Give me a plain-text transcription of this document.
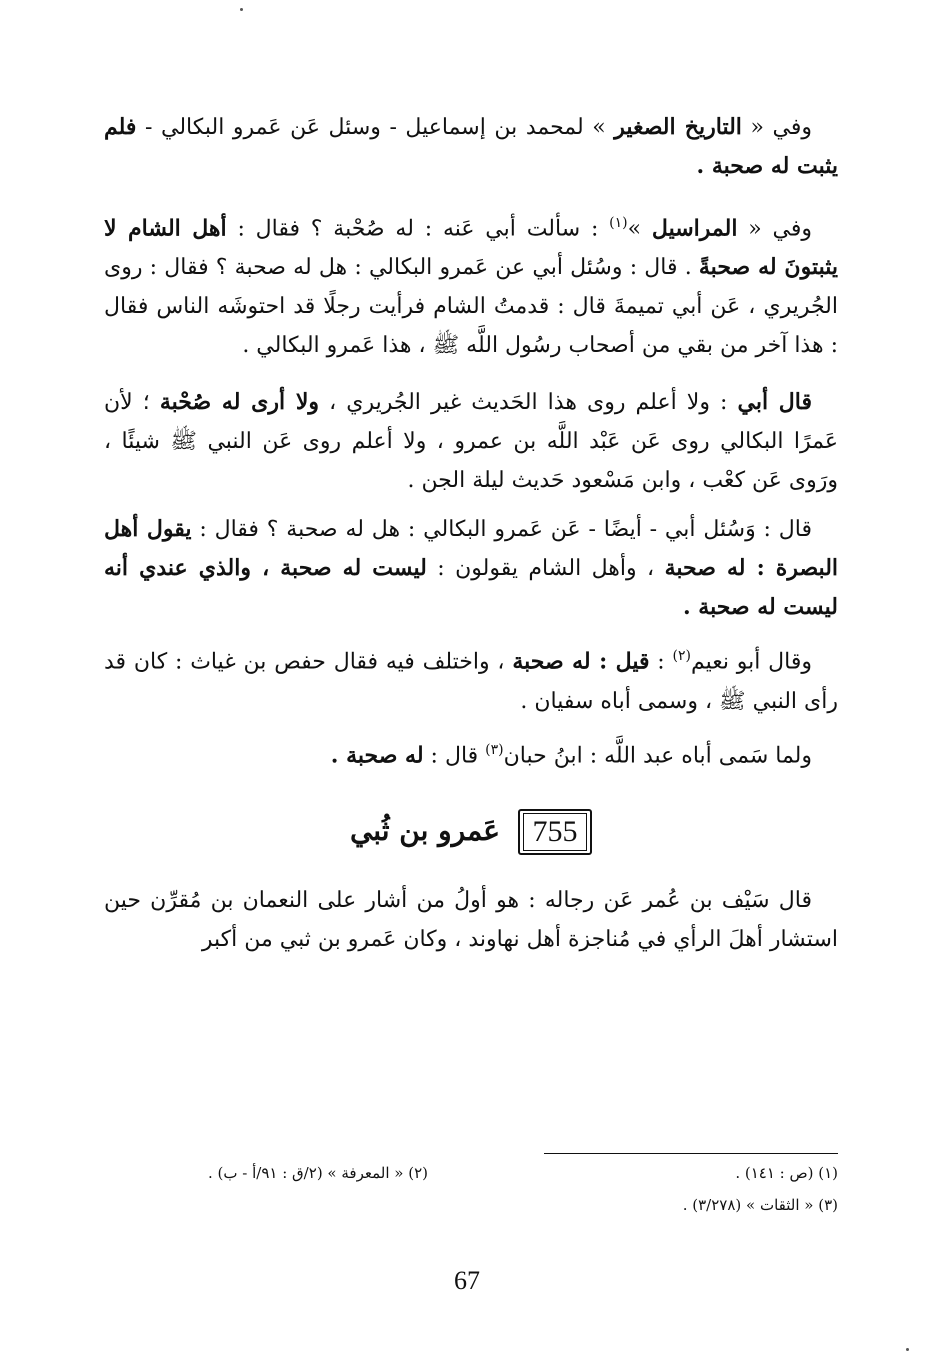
وفي « التاريخ الصغير » لمحمد بن إسماعيل - وسئل عَن عَمرو البكالي - فلم يثبت له صحبة .

وفي « المراسيل »$^{(١)}$ : سألت أبي عَنه : له صُحْبة ؟ فقال : أهل الشام لا يثبتونَ له صحبةً . قال : وسُئل أبي عن عَمرو البكالي : هل له صحبة ؟ فقال : روى الجُريري ، عَن أبي تميمةَ قال : قدمتُ الشام فرأيت رجلًا قد احتوشَه الناس فقال : هذا آخر من بقي من أصحاب رسُول اللَّه ﷺ ، هذا عَمرو البكالي .

قال أبي : ولا أعلم روى هذا الحَديث غير الجُريري ، ولا أرى له صُحْبة ؛ لأن عَمرًا البكالي روى عَن عَبْد اللَّه بن عمرو ، ولا أعلم روى عَن النبي ﷺ شيئًا ، ورَوى عَن كعْب ، وابن مَسْعود حَديث ليلة الجن .

قال : وَسُئل أبي - أيضًا - عَن عَمرو البكالي : هل له صحبة ؟ فقال : يقول أهل البصرة : له صحبة ، وأهل الشام يقولون : ليست له صحبة ، والذي عندي أنه ليست له صحبة .

وقال أبو نعيم$^{(٢)}$ : قيل : له صحبة ، واختلف فيه فقال حفص بن غياث : كان قد رأى النبي ﷺ ، وسمى أباه سفيان .

ولما سَمى أباه عبد اللَّه : ابنُ حبان$^{(٣)}$ قال : له صحبة .

755
عَمرو بن ثُبي

قال سَيْف بن عُمر عَن رجاله : هو أولُ من أشار على النعمان بن مُقرِّن حين استشار أهلَ الرأي في مُناجزة أهل نهاوند ، وكان عَمرو بن ثبي من أكبر

(١) (ص : ١٤١) .
(٢) « المعرفة » (٢/ق : ٩١/أ - ب) .
(٣) « الثقات » (٣/٢٧٨) .
67
